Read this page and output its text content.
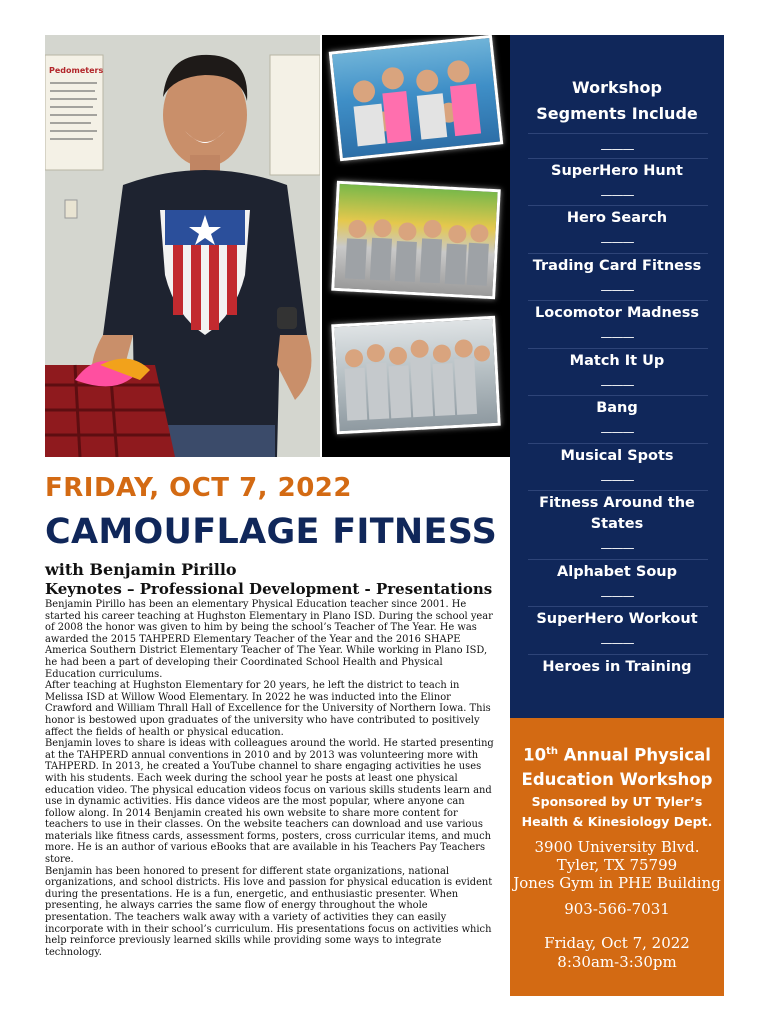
Pedometers
Workshop
Segments Include
———
SuperHero Hunt
———
Hero Search
———
Trading Card Fitness
———
Locomotor Madness
———
Match It Up
———
Bang
———
Musical Spots
———
Fitness Around the States
———
Alphabet Soup
———
SuperHero Workout
———
Heroes in Training
10th Annual Physical
Education Workshop
Sponsored by UT Tyler’s
Health & Kinesiology Dept.
3900 University Blvd.
Tyler, TX 75799
Jones Gym in PHE Building
903-566-7031
Friday, Oct 7, 2022
8:30am-3:30pm
FRIDAY, OCT 7, 2022
CAMOUFLAGE FITNESS
with Benjamin Pirillo
Keynotes – Professional Development - Presentations

Benjamin Pirillo has been an elementary Physical Education teacher since 2001. He started his career teaching at Hughston Elementary in Plano ISD. During the school year of 2008 the honor was given to him by being the school’s Teacher of The Year. He was awarded the 2015 TAHPERD Elementary Teacher of the Year and the 2016 SHAPE America Southern District Elementary Teacher of The Year. While working in Plano ISD, he had been a part of developing their Coordinated School Health and Physical Education curriculums.

After teaching at Hughston Elementary for 20 years, he left the district to teach in Melissa ISD at Willow Wood Elementary. In 2022 he was inducted into the Elinor Crawford and William Thrall Hall of Excellence for the University of Northern Iowa. This honor is bestowed upon graduates of the university who have contributed to positively affect the fields of health or physical education.

Benjamin loves to share is ideas with colleagues around the world. He started presenting at the TAHPERD annual conventions in 2010 and by 2013 was volunteering more with TAHPERD. In 2013, he created a YouTube channel to share engaging activities he uses with his students. Each week during the school year he posts at least one physical education video. The physical education videos focus on various skills students learn and use in dynamic activities. His dance videos are the most popular, where anyone can follow along. In 2014 Benjamin created his own website to share more content for teachers to use in their classes. On the website teachers can download and use various materials like fitness cards, assessment forms, posters, cross curricular items, and much more. He is an author of various eBooks that are available in his Teachers Pay Teachers store.

Benjamin has been honored to present for different state organizations, national organizations, and school districts. His love and passion for physical education is evident during the presentations. He is a fun, energetic, and enthusiastic presenter. When presenting, he always carries the same flow of energy throughout the whole presentation. The teachers walk away with a variety of activities they can easily incorporate with in their school’s curriculum. His presentations focus on activities which help reinforce previously learned skills while providing some ways to integrate technology.
